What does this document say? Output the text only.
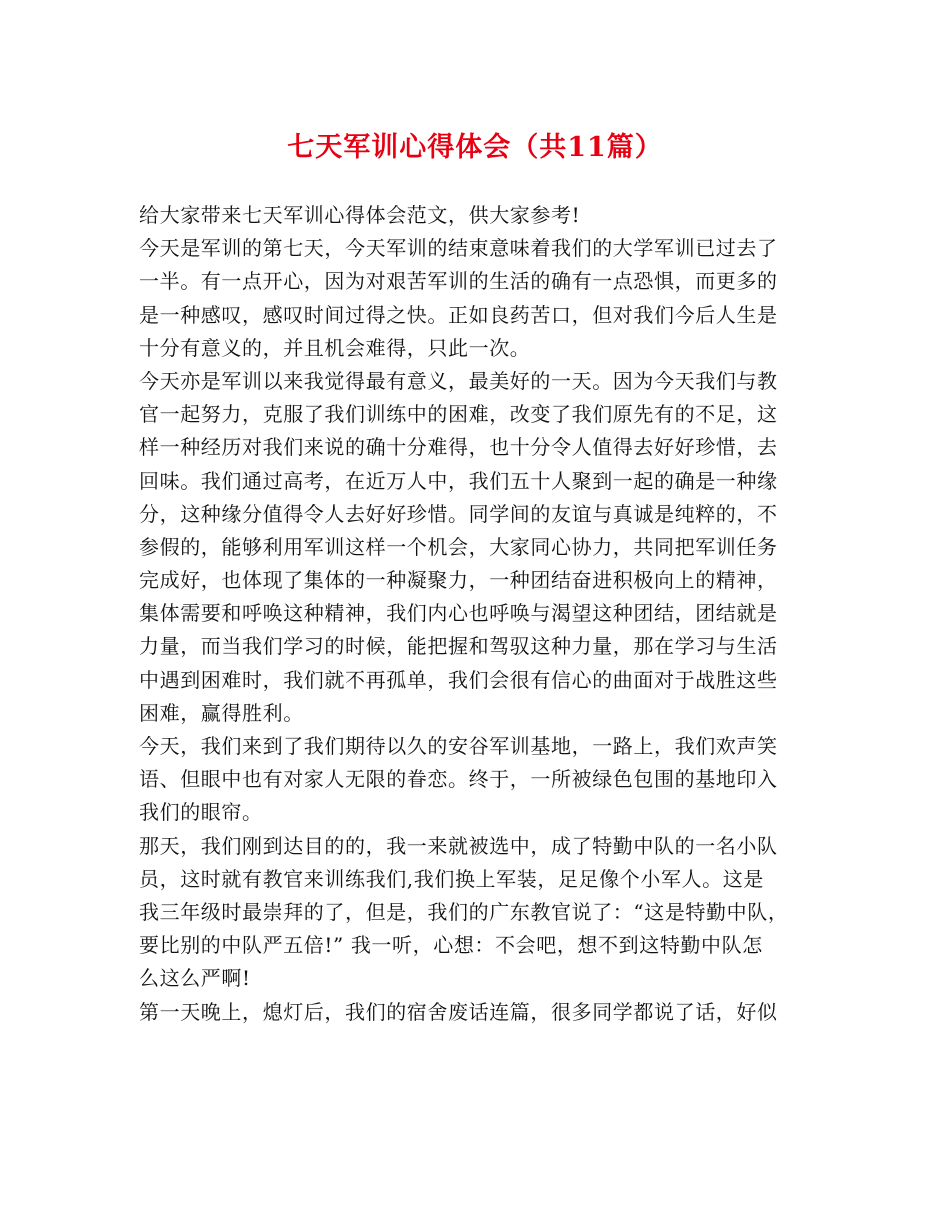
七天军训心得体会（共11篇）
给大家带来七天军训心得体会范文，供大家参考!
今天是军训的第七天，今天军训的结束意味着我们的大学军训已过去了
一半。有一点开心，因为对艰苦军训的生活的确有一点恐惧，而更多的
是一种感叹，感叹时间过得之快。正如良药苦口，但对我们今后人生是
十分有意义的，并且机会难得，只此一次。
今天亦是军训以来我觉得最有意义，最美好的一天。因为今天我们与教
官一起努力，克服了我们训练中的困难，改变了我们原先有的不足，这
样一种经历对我们来说的确十分难得，也十分令人值得去好好珍惜，去
回味。我们通过高考，在近万人中，我们五十人聚到一起的确是一种缘
分，这种缘分值得令人去好好珍惜。同学间的友谊与真诚是纯粹的，不
参假的，能够利用军训这样一个机会，大家同心协力，共同把军训任务
完成好，也体现了集体的一种凝聚力，一种团结奋进积极向上的精神，
集体需要和呼唤这种精神，我们内心也呼唤与渴望这种团结，团结就是
力量，而当我们学习的时候，能把握和驾驭这种力量，那在学习与生活
中遇到困难时，我们就不再孤单，我们会很有信心的曲面对于战胜这些
困难，赢得胜利。
今天，我们来到了我们期待以久的安谷军训基地，一路上，我们欢声笑
语、但眼中也有对家人无限的眷恋。终于，一所被绿色包围的基地印入
我们的眼帘。
那天，我们刚到达目的的，我一来就被选中，成了特勤中队的一名小队
员，这时就有教官来训练我们,我们换上军装，足足像个小军人。这是
我三年级时最崇拜的了，但是，我们的广东教官说了：“这是特勤中队，
要比别的中队严五倍!” 我一听，心想：不会吧，想不到这特勤中队怎
么这么严啊!
第一天晚上，熄灯后，我们的宿舍废话连篇，很多同学都说了话，好似
